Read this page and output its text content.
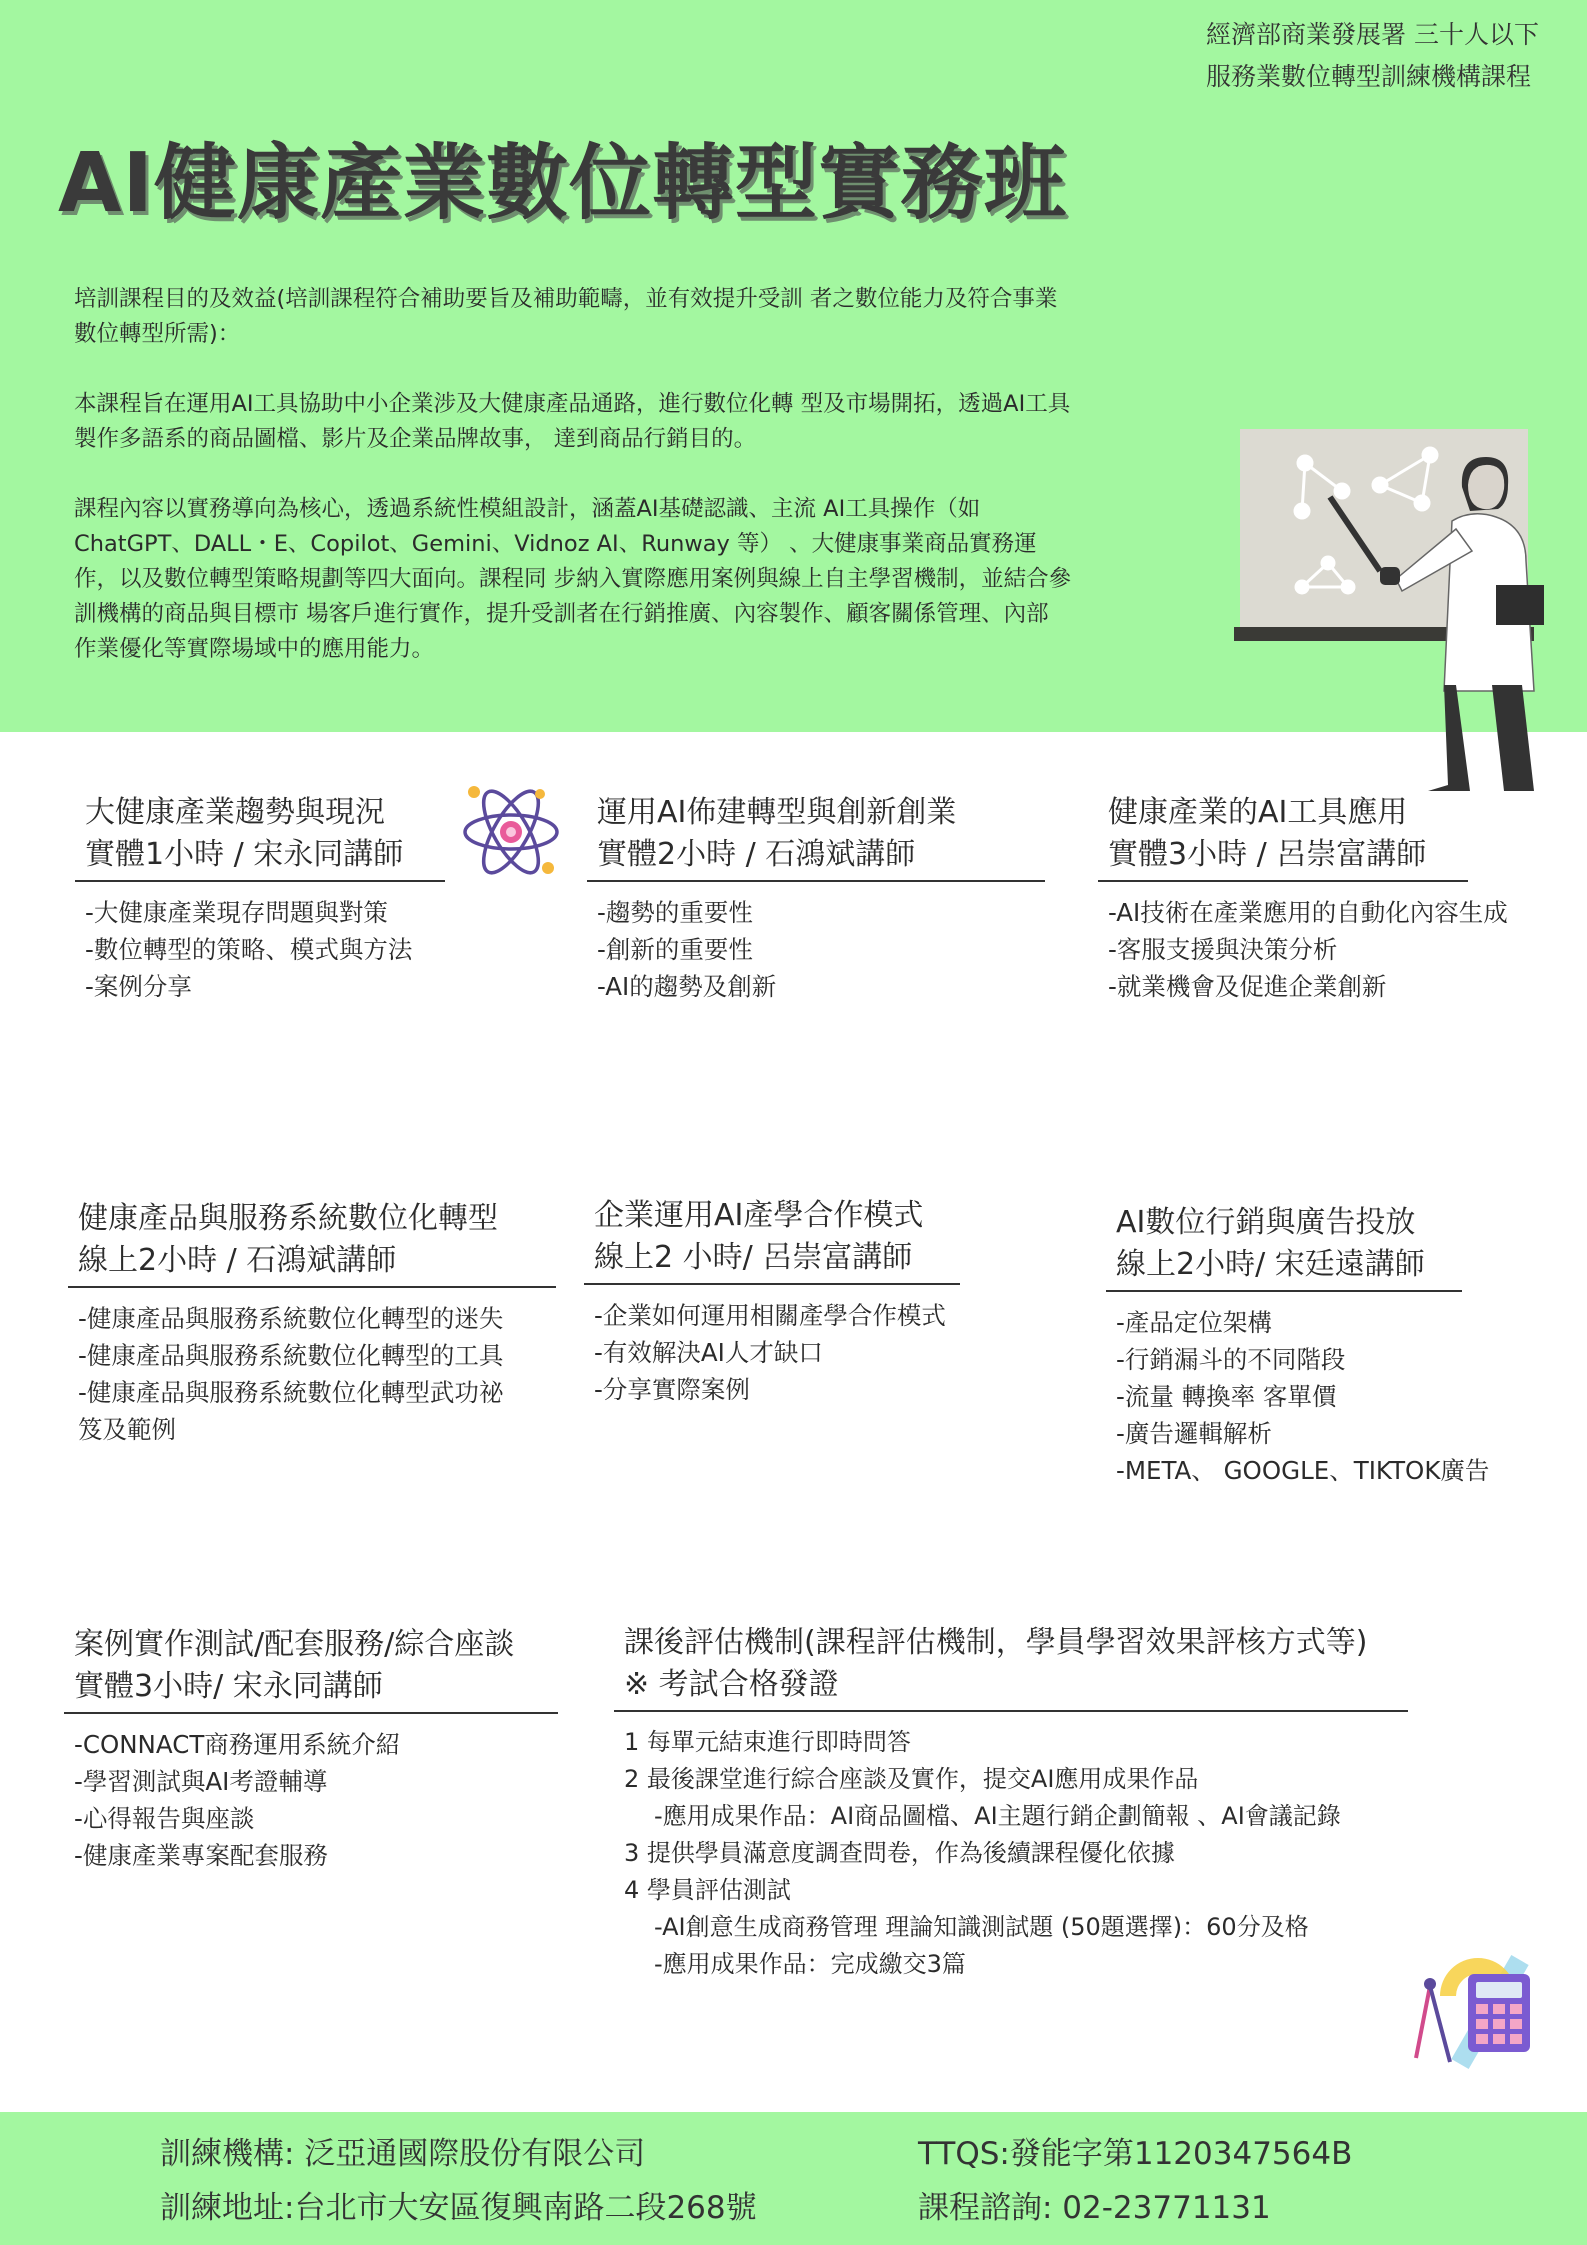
經濟部商業發展署 三十人以下
服務業數位轉型訓練機構課程
AI健康產業數位轉型實務班

培訓課程目的及效益(培訓課程符合補助要旨及補助範疇，並有效提升受訓 者之數位能力及符合事業數位轉型所需)：

本課程旨在運用AI工具協助中小企業涉及大健康產品通路，進行數位化轉 型及市場開拓，透過AI工具製作多語系的商品圖檔、影片及企業品牌故事， 達到商品行銷目的。

課程內容以實務導向為核心，透過系統性模組設計，涵蓋AI基礎認識、主流 AI工具操作（如ChatGPT、DALL・E、Copilot、Gemini、Vidnoz AI、Runway 等） 、大健康事業商品實務運作，以及數位轉型策略規劃等四大面向。課程同 步納入實際應用案例與線上自主學習機制，並結合參訓機構的商品與目標市 場客戶進行實作，提升受訓者在行銷推廣、內容製作、顧客關係管理、內部 作業優化等實際場域中的應用能力。

大健康產業趨勢與現況
實體1小時 / 宋永同講師
-大健康產業現存問題與對策
-數位轉型的策略、模式與方法
-案例分享
運用AI佈建轉型與創新創業
實體2小時 / 石鴻斌講師
-趨勢的重要性
-創新的重要性
-AI的趨勢及創新
健康產業的AI工具應用
實體3小時 / 呂崇富講師
-AI技術在產業應用的自動化內容生成
-客服支援與決策分析
-就業機會及促進企業創新
健康產品與服務系統數位化轉型
線上2小時 / 石鴻斌講師
-健康產品與服務系統數位化轉型的迷失
-健康產品與服務系統數位化轉型的工具
-健康產品與服務系統數位化轉型武功祕
笈及範例
企業運用AI產學合作模式
線上2 小時/ 呂崇富講師
-企業如何運用相關產學合作模式
-有效解決AI人才缺口
-分享實際案例
AI數位行銷與廣告投放
線上2小時/ 宋廷遠講師
-產品定位架構
-行銷漏斗的不同階段
-流量 轉換率 客單價
-廣告邏輯解析
-META、 GOOGLE、TIKTOK廣告
案例實作測試/配套服務/綜合座談
實體3小時/ 宋永同講師
-CONNACT商務運用系統介紹
-學習測試與AI考證輔導
-心得報告與座談
-健康產業專案配套服務
課後評估機制(課程評估機制，學員學習效果評核方式等)
※ 考試合格發證
1 每單元結束進行即時問答
2 最後課堂進行綜合座談及實作，提交AI應用成果作品
-應用成果作品：AI商品圖檔、AI主題行銷企劃簡報 、AI會議記錄
3 提供學員滿意度調查問卷，作為後續課程優化依據
4 學員評估測試
-AI創意生成商務管理 理論知識測試題 (50題選擇)：60分及格
-應用成果作品：完成繳交3篇
訓練機構: 泛亞通國際股份有限公司
訓練地址:台北市大安區復興南路二段268號
TTQS:發能字第1120347564B
課程諮詢: 02-23771131
